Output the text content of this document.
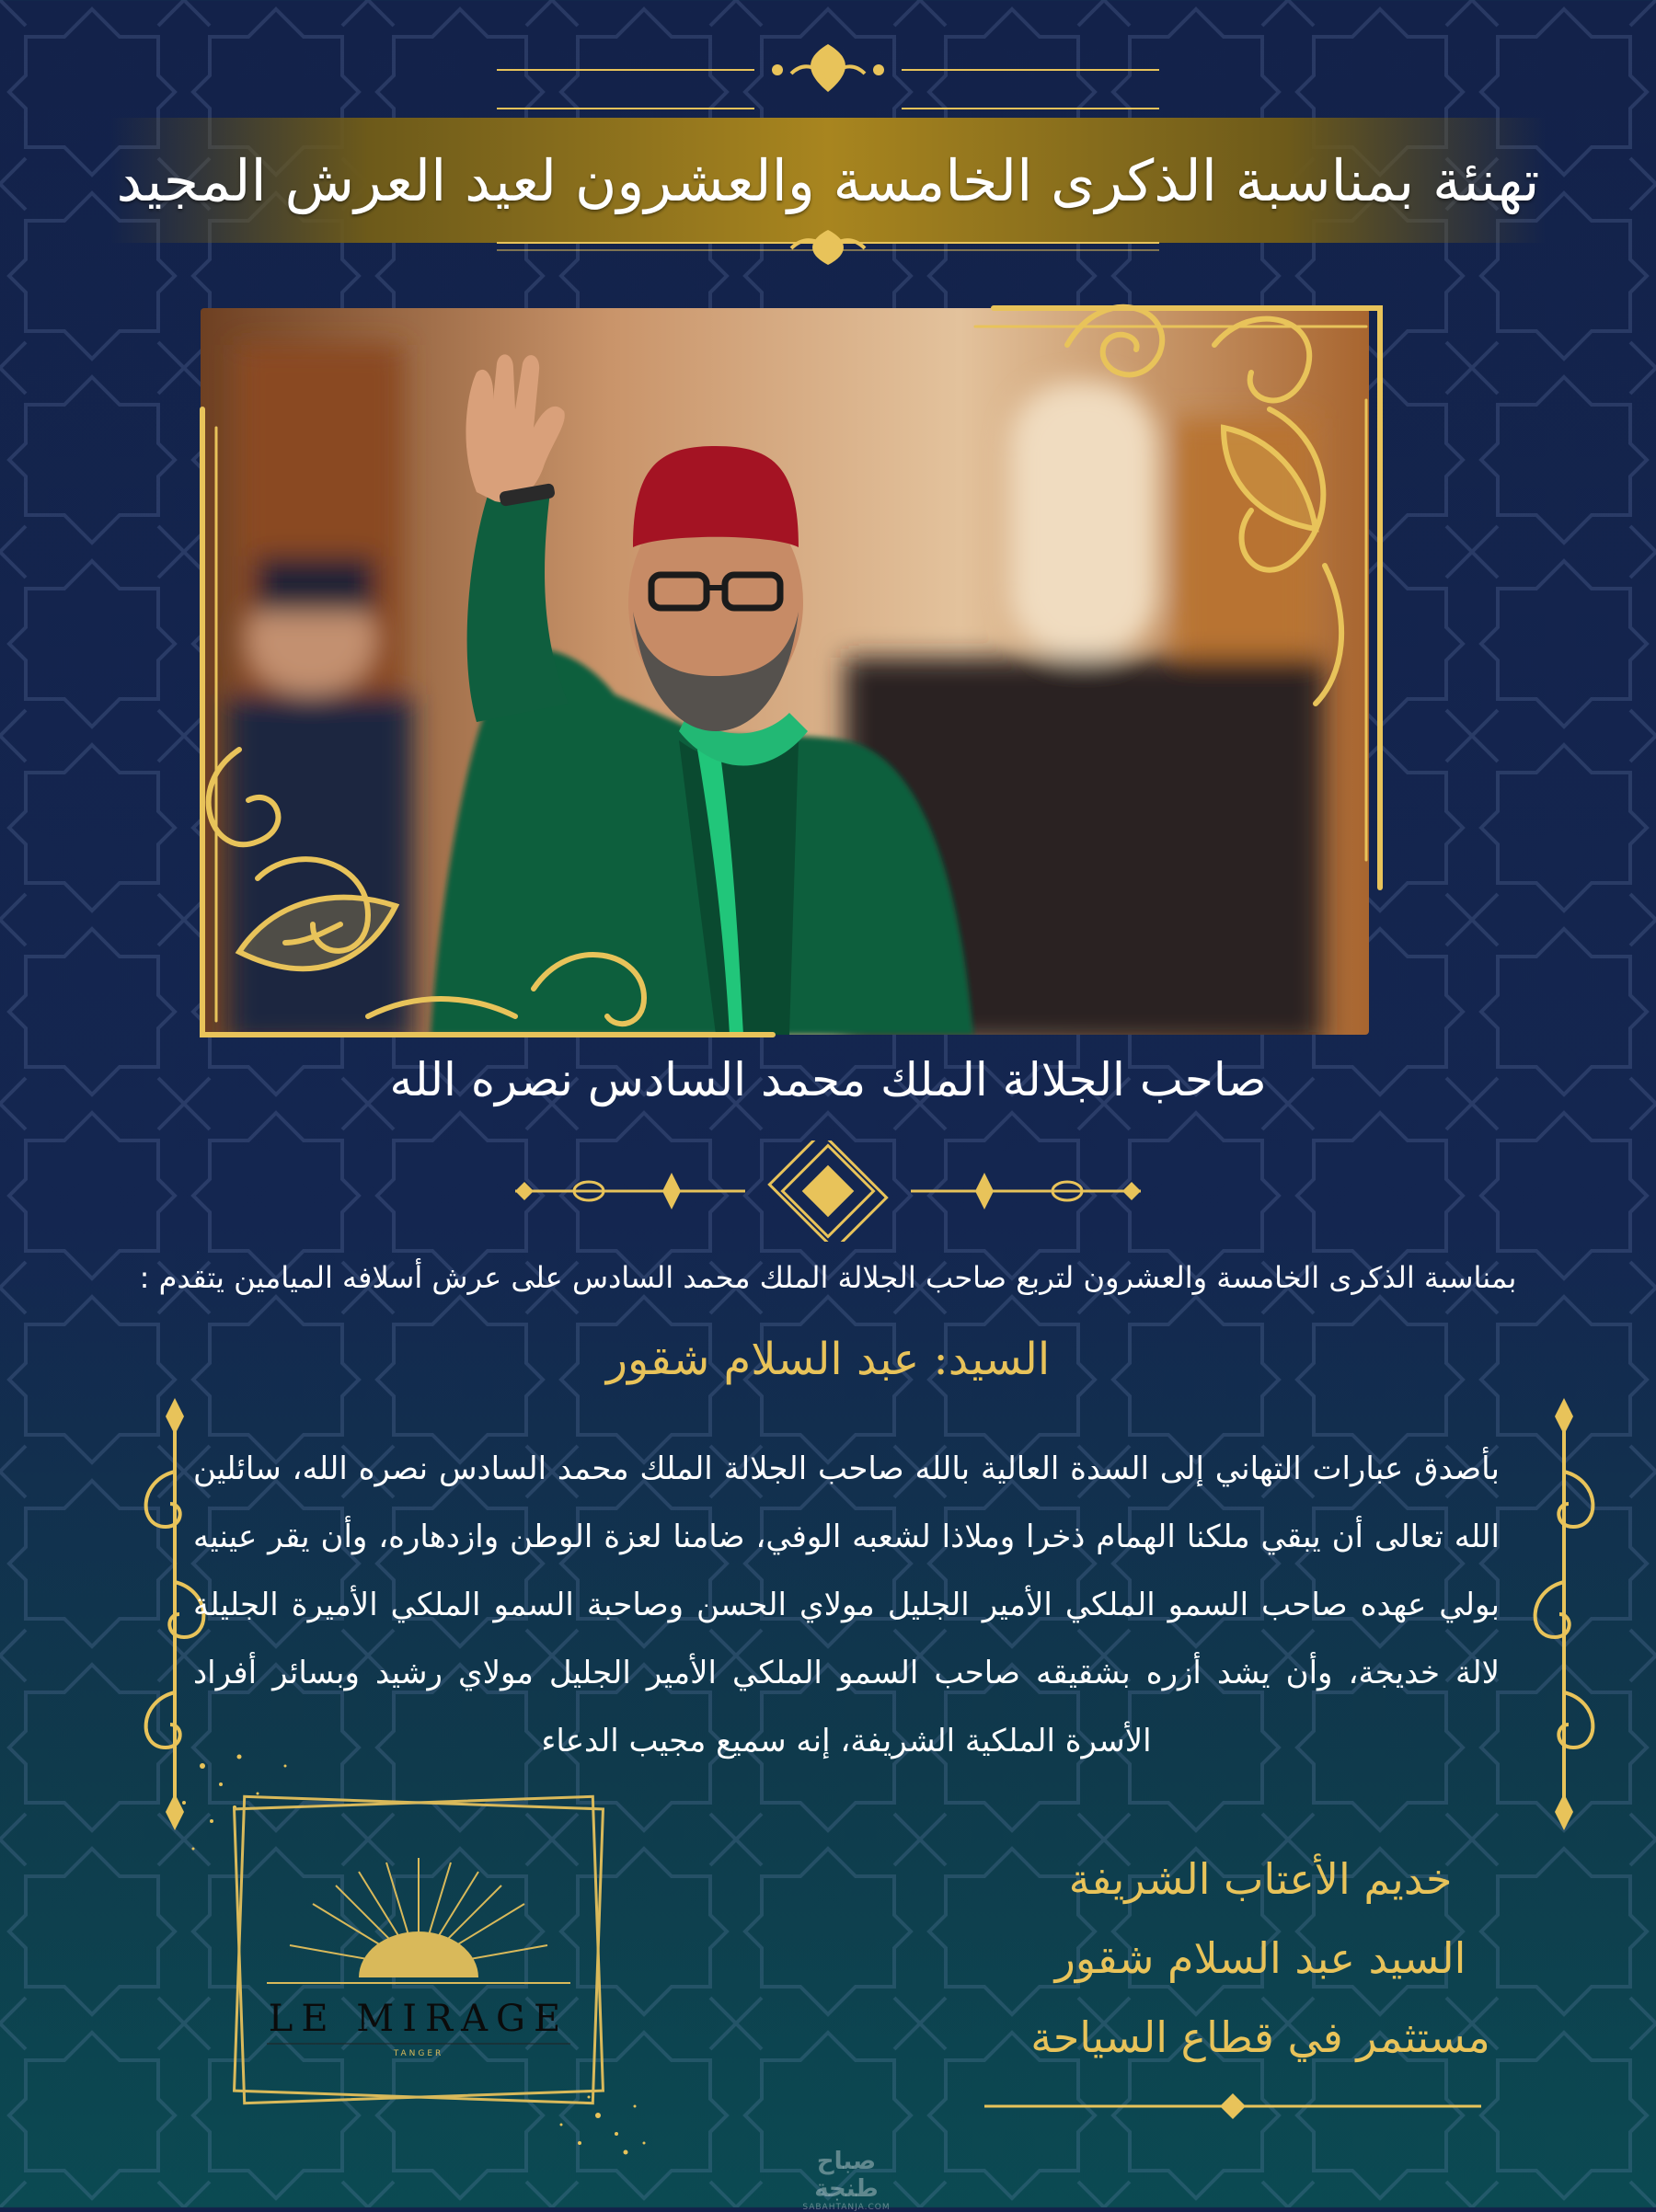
تهنئة بمناسبة الذكرى الخامسة والعشرون لعيد العرش المجيد
صاحب الجلالة الملك محمد السادس نصره الله
بمناسبة الذكرى الخامسة والعشرون لتربع صاحب الجلالة الملك محمد السادس على عرش أسلافه الميامين يتقدم :
السيد: عبد السلام شقور

بأصدق عبارات التهاني إلى السدة العالية بالله صاحب الجلالة الملك محمد السادس نصره الله، سائلين الله تعالى أن يبقي ملكنا الهمام ذخرا وملاذا لشعبه الوفي، ضامنا لعزة الوطن وازدهاره، وأن يقر عينيه بولي عهده صاحب السمو الملكي الأمير الجليل مولاي الحسن وصاحبة السمو الملكي الأميرة الجليلة لالة خديجة، وأن يشد أزره بشقيقه صاحب السمو الملكي الأمير الجليل مولاي رشيد وبسائر أفراد الأسرة الملكية الشريفة، إنه سميع مجيب الدعاء

LE MIRAGE
TANGER
خديم الأعتاب الشريفة
السيد عبد السلام شقور
مستثمر في قطاع السياحة
صباح طنجة
SABAHTANJA.COM
